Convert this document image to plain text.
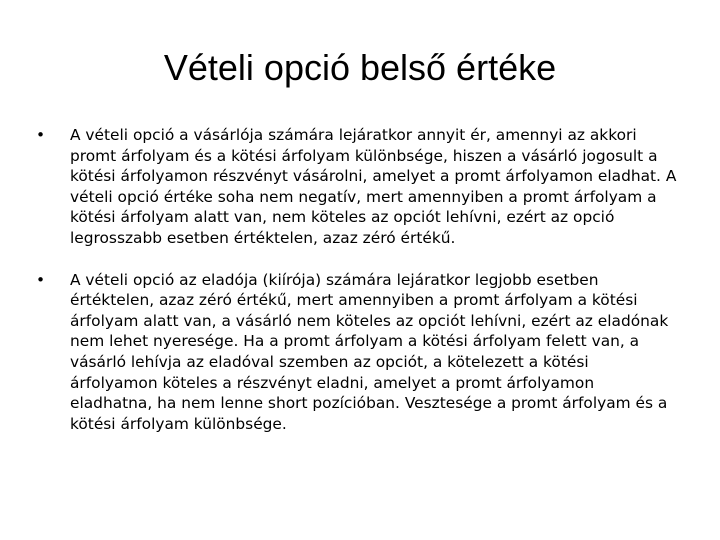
Vételi opció belső értéke
•	A vételi opció a vásárlója számára lejáratkor annyit ér, amennyi az akkori promt árfolyam és a kötési árfolyam különbsége, hiszen a vásárló jogosult a kötési árfolyamon részvényt vásárolni, amelyet a promt árfolyamon eladhat. A vételi opció értéke soha nem negatív, mert amennyiben a promt árfolyam a kötési árfolyam alatt van, nem köteles az opciót lehívni, ezért az opció legrosszabb esetben értéktelen, azaz zéró értékű.
•	A vételi opció az eladója (kiírója) számára lejáratkor legjobb esetben értéktelen, azaz zéró értékű, mert amennyiben a promt árfolyam a kötési árfolyam alatt van, a vásárló nem köteles az opciót lehívni, ezért az eladónak nem lehet nyeresége. Ha a promt árfolyam a kötési árfolyam felett van, a vásárló lehívja az eladóval szemben az opciót, a kötelezett a kötési árfolyamon köteles a részvényt eladni, amelyet a promt árfolyamon eladhatna, ha nem lenne short pozícióban. Vesztesége a promt árfolyam és a kötési árfolyam különbsége.
